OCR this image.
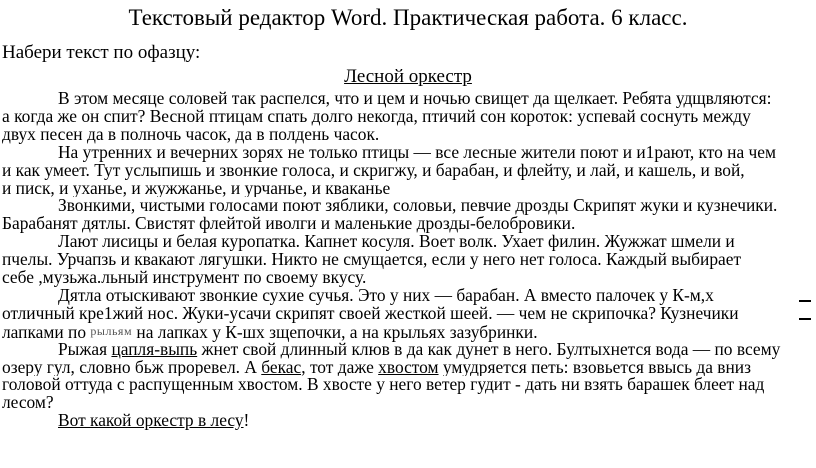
Текстовый редактор Word. Практическая работа. 6 класс.
Набери текст по офазцу:
Лесной оркестр
В этом месяце соловей так распелся, что и цем и ночью свищет да щелкает. Ребята удщвляются:
а когда же он спит? Весной птицам спать долго некогда, птичий сон короток: успевай соснуть между
двух песен да в полночь часок, да в полдень часок.
На утренних и вечерних зорях не только птицы — все лесные жители поют и и1рают, кто на чем
и как умеет. Тут услыпишь и звонкие голоса, и скригжу, и барабан, и флейту, и лай, и кашель, и вой,
и писк, и уханье, и жужжанье, и урчанье, и кваканье
Звонкими, чистыми голосами поют зяблики, соловьи, певчие дрозды Скрипят жуки и кузнечики.
Барабанят дятлы. Свистят флейтой иволги и маленькие дрозды-белобровики.
Лают лисицы и белая куропатка. Капнет косуля. Воет волк. Ухает филин. Жужжат шмели и
пчелы. Урчапзь и квакают лягушки. Никто не смущается, если у него нет голоса. Каждый выбирает
себе ,музьжа.льный инструмент по своему вкусу.
Дятла отыскивают звонкие сухие сучья. Это у них — барабан. А вместо палочек у К-м,х
отличный кре1жий нос. Жуки-усачи скрипят своей жесткой шеей. — чем не скрипочка? Кузнечики
лапками по рыльям на лапках у К-шх зщепочки, а на крыльях зазубринки.
Рыжая цапля-выпь жнет свой длинный клюв в да как дунет в него. Бултыхнется вода — по всему
озеру гул, словно бьж проревел. А бекас, тот даже хвостом умудряется петь: взовьется ввысь да вниз
головой оттуда с распущенным хвостом. В хвосте у него ветер гудит - дать ни взять барашек блеет над
лесом?
Вот какой оркестр в лесу!
